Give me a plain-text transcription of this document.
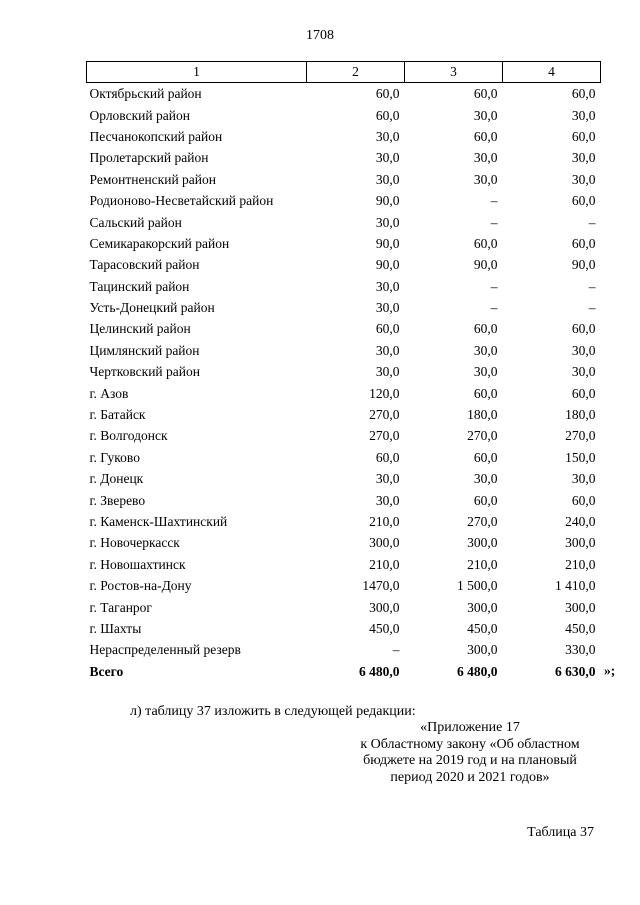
1708
1	2	3	4
Октябрьский район	60,0	60,0	60,0
Орловский район	60,0	30,0	30,0
Песчанокопский район	30,0	60,0	60,0
Пролетарский район	30,0	30,0	30,0
Ремонтненский район	30,0	30,0	30,0
Родионово-Несветайский район	90,0	–	60,0
Сальский район	30,0	–	–
Семикаракорский район	90,0	60,0	60,0
Тарасовский район	90,0	90,0	90,0
Тацинский район	30,0	–	–
Усть-Донецкий район	30,0	–	–
Целинский район	60,0	60,0	60,0
Цимлянский район	30,0	30,0	30,0
Чертковский район	30,0	30,0	30,0
г. Азов	120,0	60,0	60,0
г. Батайск	270,0	180,0	180,0
г. Волгодонск	270,0	270,0	270,0
г. Гуково	60,0	60,0	150,0
г. Донецк	30,0	30,0	30,0
г. Зверево	30,0	60,0	60,0
г. Каменск-Шахтинский	210,0	270,0	240,0
г. Новочеркасск	300,0	300,0	300,0
г. Новошахтинск	210,0	210,0	210,0
г. Ростов-на-Дону	1470,0	1 500,0	1 410,0
г. Таганрог	300,0	300,0	300,0
г. Шахты	450,0	450,0	450,0
Нераспределенный резерв	–	300,0	330,0
Всего	6 480,0	6 480,0	6 630,0
л) таблицу 37 изложить в следующей редакции:
«Приложение 17
к Областному закону «Об областном
бюджете на 2019 год и на плановый
период 2020 и 2021 годов»
Таблица 37
»;
